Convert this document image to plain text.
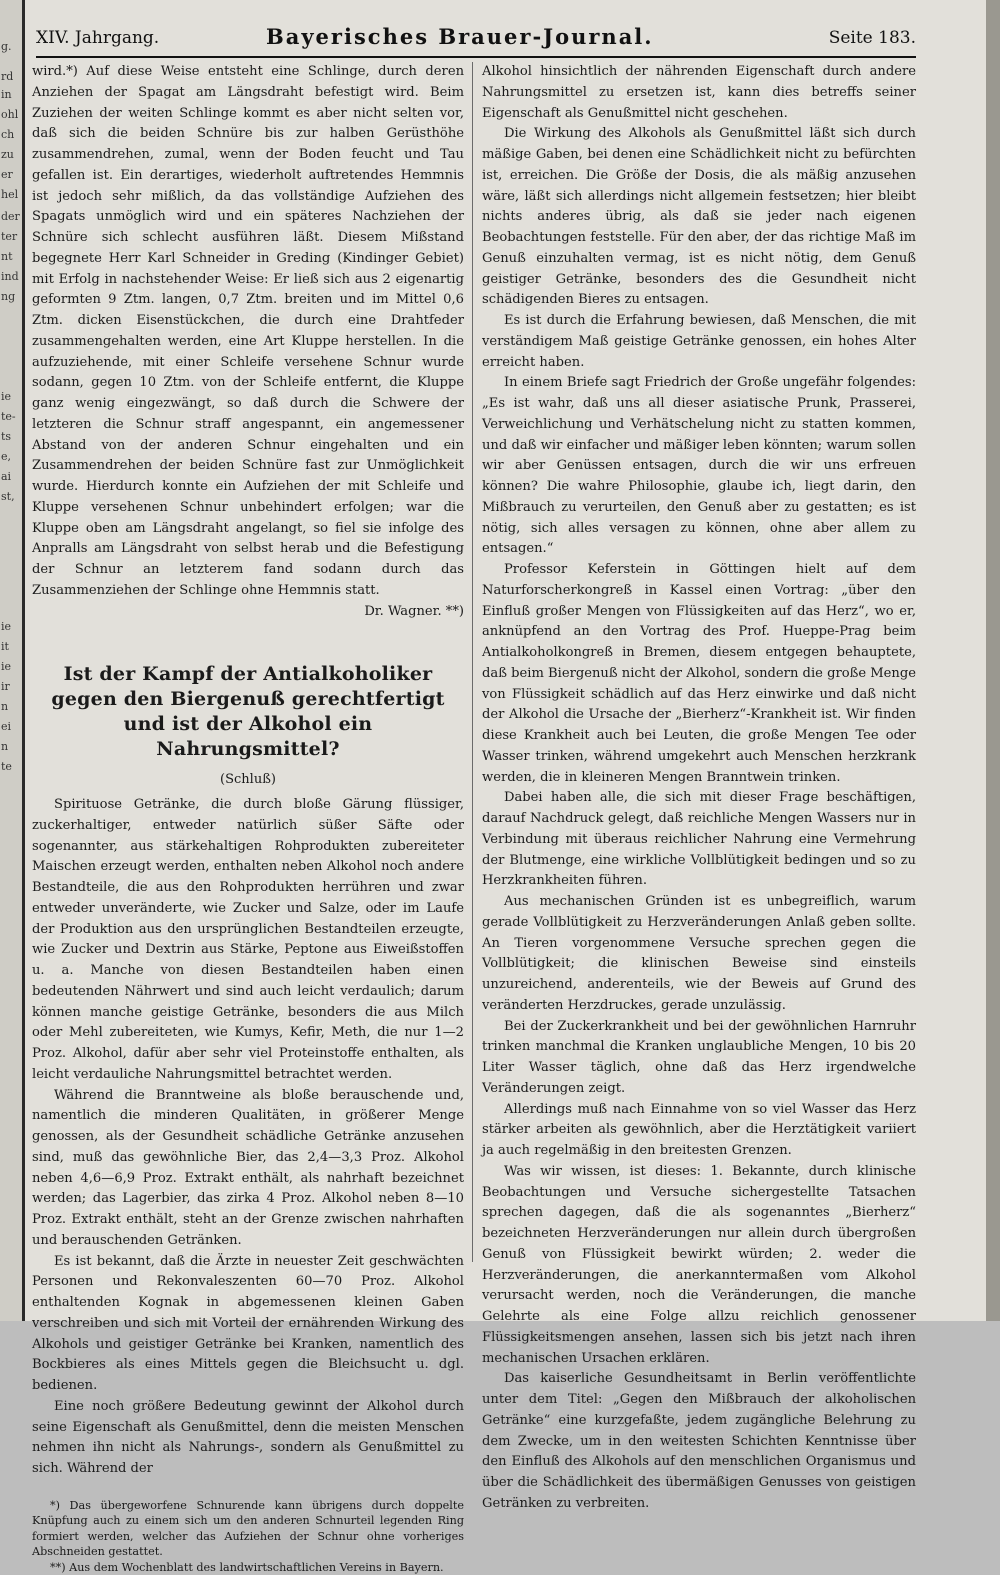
g.
rd
in
ohl
ch
zu
er
hel
der
ter
nt
ind
ng
ie
te-
ts
e,
ai
st,
ie
it
ie
ir
n
ei
n
te
XIV. Jahrgang.	Bayerisches Brauer-Journal.	Seite 183.

wird.*) Auf diese Weise entsteht eine Schlinge, durch deren Anziehen der Spagat am Längsdraht befestigt wird. Beim Zuziehen der weiten Schlinge kommt es aber nicht selten vor, daß sich die beiden Schnüre bis zur halben Gerüsthöhe zusammendrehen, zumal, wenn der Boden feucht und Tau gefallen ist. Ein derartiges, wiederholt auftretendes Hemmnis ist jedoch sehr mißlich, da das vollständige Aufziehen des Spagats unmöglich wird und ein späteres Nachziehen der Schnüre sich schlecht ausführen läßt. Diesem Mißstand begegnete Herr Karl Schneider in Greding (Kindinger Gebiet) mit Erfolg in nachstehender Weise: Er ließ sich aus 2 eigenartig geformten 9 Ztm. langen, 0,7 Ztm. breiten und im Mittel 0,6 Ztm. dicken Eisenstückchen, die durch eine Drahtfeder zusammengehalten werden, eine Art Kluppe herstellen. In die aufzuziehende, mit einer Schleife versehene Schnur wurde sodann, gegen 10 Ztm. von der Schleife entfernt, die Kluppe ganz wenig eingezwängt, so daß durch die Schwere der letzteren die Schnur straff angespannt, ein angemessener Abstand von der anderen Schnur eingehalten und ein Zusammendrehen der beiden Schnüre fast zur Unmöglichkeit wurde. Hierdurch konnte ein Aufziehen der mit Schleife und Kluppe versehenen Schnur unbehindert erfolgen; war die Kluppe oben am Längsdraht angelangt, so fiel sie infolge des Anpralls am Längsdraht von selbst herab und die Befestigung der Schnur an letzterem fand sodann durch das Zusammenziehen der Schlinge ohne Hemmnis statt.

Dr. Wagner. **)

Ist der Kampf der Antialkoholiker gegen den Biergenuß gerechtfertigt und ist der Alkohol ein Nahrungsmittel?
(Schluß)

Spirituose Getränke, die durch bloße Gärung flüssiger, zuckerhaltiger, entweder natürlich süßer Säfte oder sogenannter, aus stärkehaltigen Rohprodukten zubereiteter Maischen erzeugt werden, enthalten neben Alkohol noch andere Bestandteile, die aus den Rohprodukten herrühren und zwar entweder unveränderte, wie Zucker und Salze, oder im Laufe der Produktion aus den ursprünglichen Bestandteilen erzeugte, wie Zucker und Dextrin aus Stärke, Peptone aus Eiweißstoffen u. a. Manche von diesen Bestandteilen haben einen bedeutenden Nährwert und sind auch leicht verdaulich; darum können manche geistige Getränke, besonders die aus Milch oder Mehl zubereiteten, wie Kumys, Kefir, Meth, die nur 1—2 Proz. Alkohol, dafür aber sehr viel Proteinstoffe enthalten, als leicht verdauliche Nahrungsmittel betrachtet werden.

Während die Branntweine als bloße berauschende und, namentlich die minderen Qualitäten, in größerer Menge genossen, als der Gesundheit schädliche Getränke anzusehen sind, muß das gewöhnliche Bier, das 2,4—3,3 Proz. Alkohol neben 4,6—6,9 Proz. Extrakt enthält, als nahrhaft bezeichnet werden; das Lagerbier, das zirka 4 Proz. Alkohol neben 8—10 Proz. Extrakt enthält, steht an der Grenze zwischen nahrhaften und berauschenden Getränken.

Es ist bekannt, daß die Ärzte in neuester Zeit geschwächten Personen und Rekonvaleszenten 60—70 Proz. Alkohol enthaltenden Kognak in abgemessenen kleinen Gaben verschreiben und sich mit Vorteil der ernährenden Wirkung des Alkohols und geistiger Getränke bei Kranken, namentlich des Bockbieres als eines Mittels gegen die Bleichsucht u. dgl. bedienen.

Eine noch größere Bedeutung gewinnt der Alkohol durch seine Eigenschaft als Genußmittel, denn die meisten Menschen nehmen ihn nicht als Nahrungs-, sondern als Genußmittel zu sich. Während der

*) Das übergeworfene Schnurende kann übrigens durch doppelte Knüpfung auch zu einem sich um den anderen Schnurteil legenden Ring formiert werden, welcher das Aufziehen der Schnur ohne vorheriges Abschneiden gestattet.

**) Aus dem Wochenblatt des landwirtschaftlichen Vereins in Bayern.

Alkohol hinsichtlich der nährenden Eigenschaft durch andere Nahrungsmittel zu ersetzen ist, kann dies betreffs seiner Eigenschaft als Genußmittel nicht geschehen.

Die Wirkung des Alkohols als Genußmittel läßt sich durch mäßige Gaben, bei denen eine Schädlichkeit nicht zu befürchten ist, erreichen. Die Größe der Dosis, die als mäßig anzusehen wäre, läßt sich allerdings nicht allgemein festsetzen; hier bleibt nichts anderes übrig, als daß sie jeder nach eigenen Beobachtungen feststelle. Für den aber, der das richtige Maß im Genuß einzuhalten vermag, ist es nicht nötig, dem Genuß geistiger Getränke, besonders des die Gesundheit nicht schädigenden Bieres zu entsagen.

Es ist durch die Erfahrung bewiesen, daß Menschen, die mit verständigem Maß geistige Getränke genossen, ein hohes Alter erreicht haben.

In einem Briefe sagt Friedrich der Große ungefähr folgendes: „Es ist wahr, daß uns all dieser asiatische Prunk, Prasserei, Verweichlichung und Verhätschelung nicht zu statten kommen, und daß wir einfacher und mäßiger leben könnten; warum sollen wir aber Genüssen entsagen, durch die wir uns erfreuen können? Die wahre Philosophie, glaube ich, liegt darin, den Mißbrauch zu verurteilen, den Genuß aber zu gestatten; es ist nötig, sich alles versagen zu können, ohne aber allem zu entsagen.“

Professor Keferstein in Göttingen hielt auf dem Naturforscherkongreß in Kassel einen Vortrag: „über den Einfluß großer Mengen von Flüssigkeiten auf das Herz“, wo er, anknüpfend an den Vortrag des Prof. Hueppe-Prag beim Antialkoholkongreß in Bremen, diesem entgegen behauptete, daß beim Biergenuß nicht der Alkohol, sondern die große Menge von Flüssigkeit schädlich auf das Herz einwirke und daß nicht der Alkohol die Ursache der „Bierherz“-Krankheit ist. Wir finden diese Krankheit auch bei Leuten, die große Mengen Tee oder Wasser trinken, während umgekehrt auch Menschen herzkrank werden, die in kleineren Mengen Branntwein trinken.

Dabei haben alle, die sich mit dieser Frage beschäftigen, darauf Nachdruck gelegt, daß reichliche Mengen Wassers nur in Verbindung mit überaus reichlicher Nahrung eine Vermehrung der Blutmenge, eine wirkliche Vollblütigkeit bedingen und so zu Herzkrankheiten führen.

Aus mechanischen Gründen ist es unbegreiflich, warum gerade Vollblütigkeit zu Herzveränderungen Anlaß geben sollte. An Tieren vorgenommene Versuche sprechen gegen die Vollblütigkeit; die klinischen Beweise sind einsteils unzureichend, anderenteils, wie der Beweis auf Grund des veränderten Herzdruckes, gerade unzulässig.

Bei der Zuckerkrankheit und bei der gewöhnlichen Harnruhr trinken manchmal die Kranken unglaubliche Mengen, 10 bis 20 Liter Wasser täglich, ohne daß das Herz irgendwelche Veränderungen zeigt.

Allerdings muß nach Einnahme von so viel Wasser das Herz stärker arbeiten als gewöhnlich, aber die Herztätigkeit variiert ja auch regelmäßig in den breitesten Grenzen.

Was wir wissen, ist dieses: 1. Bekannte, durch klinische Beobachtungen und Versuche sichergestellte Tatsachen sprechen dagegen, daß die als sogenanntes „Bierherz“ bezeichneten Herzveränderungen nur allein durch übergroßen Genuß von Flüssigkeit bewirkt würden; 2. weder die Herzveränderungen, die anerkanntermaßen vom Alkohol verursacht werden, noch die Veränderungen, die manche Gelehrte als eine Folge allzu reichlich genossener Flüssigkeitsmengen ansehen, lassen sich bis jetzt nach ihren mechanischen Ursachen erklären.

Das kaiserliche Gesundheitsamt in Berlin veröffentlichte unter dem Titel: „Gegen den Mißbrauch der alkoholischen Getränke“ eine kurzgefaßte, jedem zugängliche Belehrung zu dem Zwecke, um in den weitesten Schichten Kenntnisse über den Einfluß des Alkohols auf den menschlichen Organismus und über die Schädlichkeit des übermäßigen Genusses von geistigen Getränken zu verbreiten.
